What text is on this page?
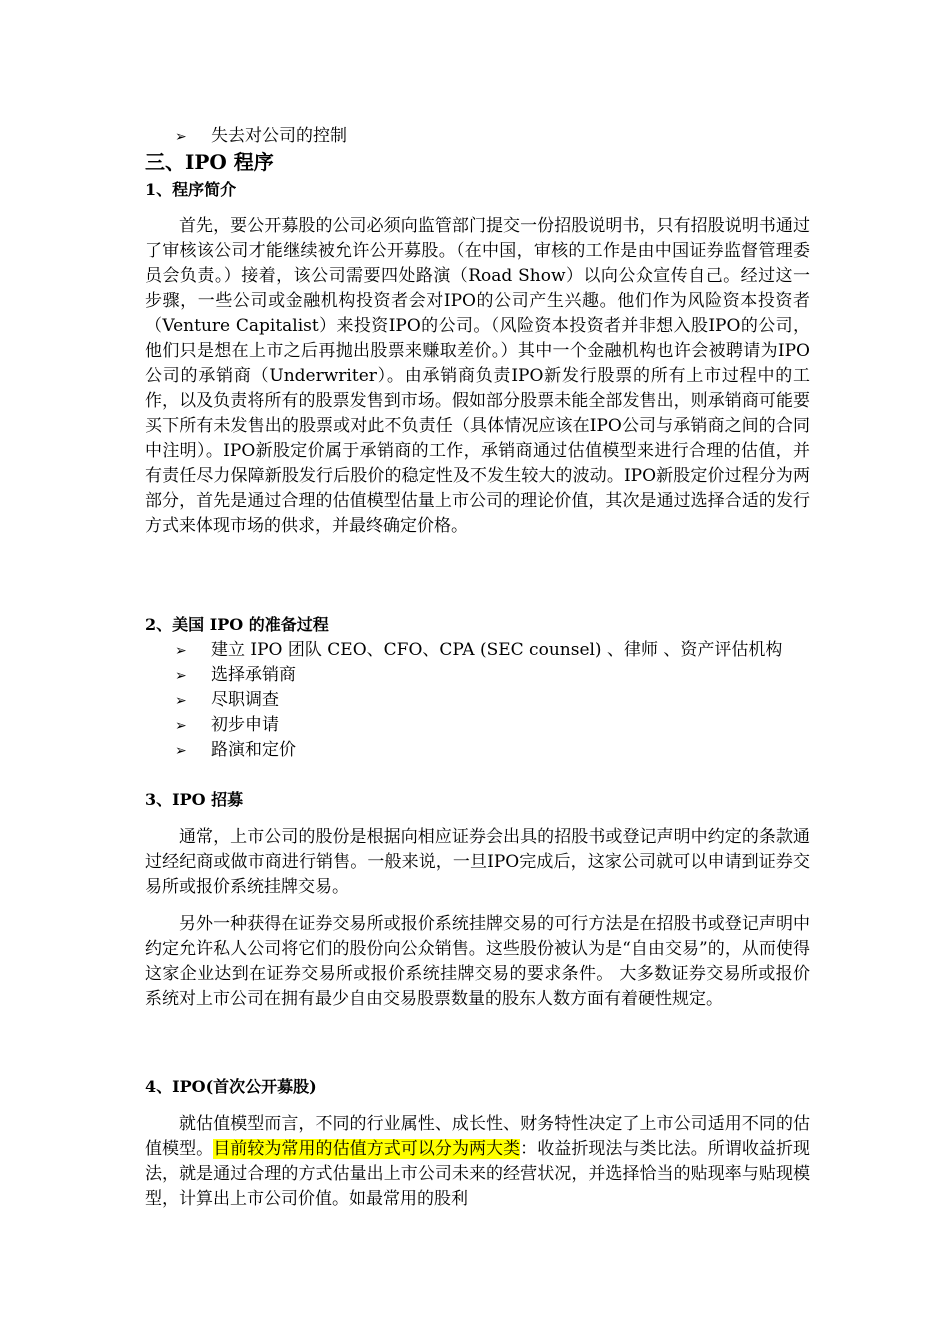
➢ 失去对公司的控制
三、IPO 程序
1、程序简介
首先，要公开募股的公司必须向监管部门提交一份招股说明书，只有招股说明书通过了审核该公司才能继续被允许公开募股。（在中国，审核的工作是由中国证券监督管理委员会负责。）接着，该公司需要四处路演（Road Show）以向公众宣传自己。经过这一步骤，一些公司或金融机构投资者会对IPO的公司产生兴趣。他们作为风险资本投资者（Venture Capitalist）来投资IPO的公司。（风险资本投资者并非想入股IPO的公司，他们只是想在上市之后再抛出股票来赚取差价。）其中一个金融机构也许会被聘请为IPO公司的承销商（Underwriter）。由承销商负责IPO新发行股票的所有上市过程中的工作，以及负责将所有的股票发售到市场。假如部分股票未能全部发售出，则承销商可能要买下所有未发售出的股票或对此不负责任（具体情况应该在IPO公司与承销商之间的合同中注明）。IPO新股定价属于承销商的工作，承销商通过估值模型来进行合理的估值，并有责任尽力保障新股发行后股价的稳定性及不发生较大的波动。IPO新股定价过程分为两部分，首先是通过合理的估值模型估量上市公司的理论价值，其次是通过选择合适的发行方式来体现市场的供求，并最终确定价格。
2、美国 IPO 的准备过程
➢ 建立 IPO 团队 CEO、CFO、CPA (SEC counsel) 、律师 、资产评估机构
➢ 选择承销商
➢ 尽职调查
➢ 初步申请
➢ 路演和定价
3、IPO 招募
通常，上市公司的股份是根据向相应证券会出具的招股书或登记声明中约定的条款通过经纪商或做市商进行销售。一般来说，一旦IPO完成后，这家公司就可以申请到证券交易所或报价系统挂牌交易。
另外一种获得在证券交易所或报价系统挂牌交易的可行方法是在招股书或登记声明中约定允许私人公司将它们的股份向公众销售。这些股份被认为是“自由交易”的，从而使得这家企业达到在证券交易所或报价系统挂牌交易的要求条件。 大多数证券交易所或报价系统对上市公司在拥有最少自由交易股票数量的股东人数方面有着硬性规定。
4、IPO(首次公开募股)
就估值模型而言，不同的行业属性、成长性、财务特性决定了上市公司适用不同的估值模型。目前较为常用的估值方式可以分为两大类：收益折现法与类比法。所谓收益折现法，就是通过合理的方式估量出上市公司未来的经营状况，并选择恰当的贴现率与贴现模型，计算出上市公司价值。如最常用的股利
